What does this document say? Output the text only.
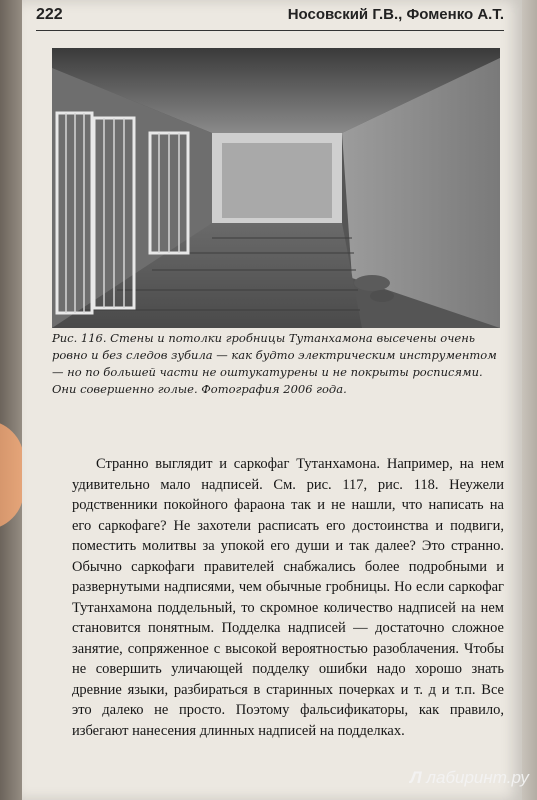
222	Носовский Г.В., Фоменко А.Т.

Рис. 116. Стены и потолки гробницы Тутанхамона высечены очень ровно и без следов зубила — как будто электрическим инструментом — но по большей части не оштукатурены и не покрыты росписями. Они совершенно голые. Фотография 2006 года.

Странно выглядит и саркофаг Тутанхамона. Например, на нем удивительно мало надписей. См. рис. 117, рис. 118. Неужели родственники покойного фараона так и не нашли, что написать на его саркофаге? Не захотели расписать его достоинства и подвиги, поместить молитвы за упокой его души и так далее? Это странно. Обычно саркофаги правителей снабжались более подробными и развернутыми надписями, чем обычные гробницы. Но если саркофаг Тутанхамона поддельный, то скромное количество надписей на нем становится понятным. Подделка надписей — достаточно сложное занятие, сопряженное с высокой вероятностью разоблачения. Чтобы не совершить уличающей подделку ошибки надо хорошо знать древние языки, разбираться в старинных почерках и т. д и т.п. Все это далеко не просто. Поэтому фальсификаторы, как правило, избегают нанесения длинных надписей на подделках.

Л лабиринт.ру
